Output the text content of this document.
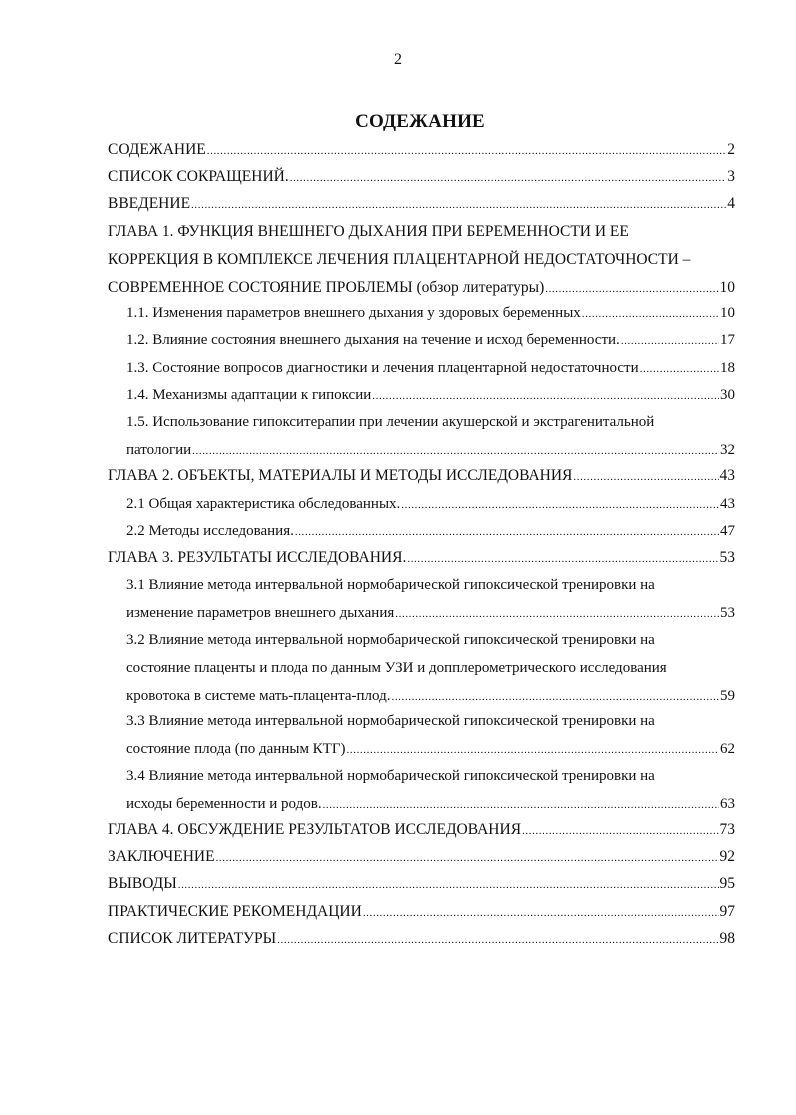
2
СОДЕЖАНИЕ
СОДЕЖАНИЕ .....	2
СПИСОК СОКРАЩЕНИЙ. .....	3
ВВЕДЕНИЕ .....	4
ГЛАВА 1. ФУНКЦИЯ ВНЕШНЕГО ДЫХАНИЯ ПРИ БЕРЕМЕННОСТИ И ЕЕ
КОРРЕКЦИЯ В КОМПЛЕКСЕ ЛЕЧЕНИЯ ПЛАЦЕНТАРНОЙ НЕДОСТАТОЧНОСТИ –
СОВРЕМЕННОЕ СОСТОЯНИЕ ПРОБЛЕМЫ (обзор литературы) .....	10
1.1. Изменения параметров внешнего дыхания у здоровых беременных .....	10
1.2. Влияние состояния внешнего дыхания на течение и исход беременности. .....	17
1.3. Состояние вопросов диагностики и лечения плацентарной недостаточности .....	18
1.4. Механизмы адаптации к гипоксии .....	30
1.5. Использование гипокситерапии при лечении акушерской и экстрагенитальной
патологии .....	32
ГЛАВА 2. ОБЪЕКТЫ, МАТЕРИАЛЫ И МЕТОДЫ ИССЛЕДОВАНИЯ .....	43
2.1 Общая характеристика обследованных. .....	43
2.2 Методы исследования. .....	47
ГЛАВА 3. РЕЗУЛЬТАТЫ ИССЛЕДОВАНИЯ. .....	53
3.1 Влияние метода интервальной нормобарической гипоксической тренировки на
изменение параметров внешнего дыхания .....	53
3.2 Влияние метода интервальной нормобарической гипоксической тренировки на
состояние плаценты и плода по данным УЗИ и допплерометрического исследования
кровотока в системе мать-плацента-плод. .....	59
3.3 Влияние метода интервальной нормобарической гипоксической тренировки на
состояние плода (по данным КТГ) .....	62
3.4 Влияние метода интервальной нормобарической гипоксической тренировки на
исходы беременности и родов. .....	63
ГЛАВА 4. ОБСУЖДЕНИЕ РЕЗУЛЬТАТОВ ИССЛЕДОВАНИЯ .....	73
ЗАКЛЮЧЕНИЕ .....	92
ВЫВОДЫ .....	95
ПРАКТИЧЕСКИЕ РЕКОМЕНДАЦИИ .....	97
СПИСОК ЛИТЕРАТУРЫ .....	98
